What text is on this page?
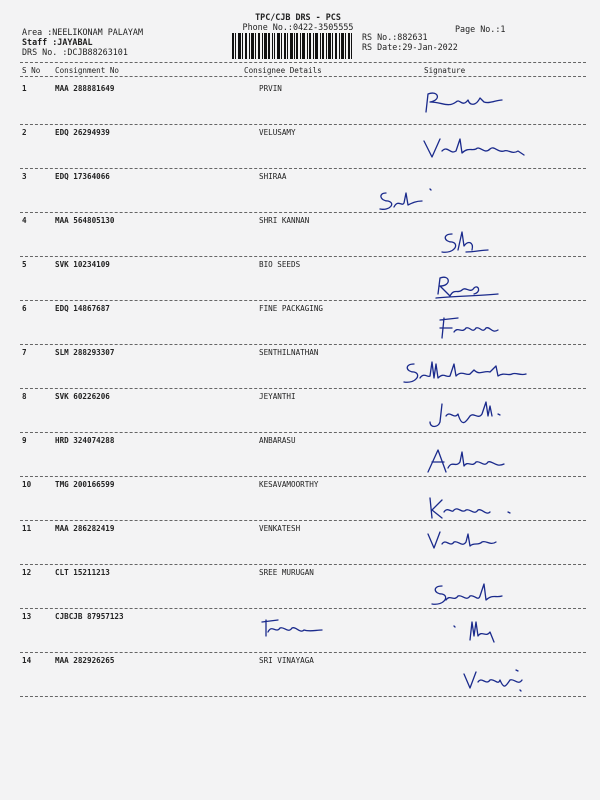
TPC/CJB DRS - PCS
Phone No.:0422-3505555
Area :NEELIKONAM PALAYAM
Staff :JAYABAL
DRS No. :DCJB88263101
Page No.:1
RS No.:882631
RS Date:29-Jan-2022
S No Consignment No	Consignee Details	Signature
1	MAA 288881649	PRVIN
2	EDQ 26294939	VELUSAMY
3	EDQ 17364066	SHIRAA
4	MAA 564805130	SHRI KANNAN
5	SVK 10234109	BIO SEEDS
6	EDQ 14867687	FINE PACKAGING
7	SLM 288293307	SENTHILNATHAN
8	SVK 60226206	JEYANTHI
9	HRD 324074288	ANBARASU
10	TMG 200166599	KESAVAMOORTHY
11	MAA 286282419	VENKATESH
12	CLT 15211213	SREE MURUGAN
13	CJBCJB 87957123
14	MAA 282926265	SRI VINAYAGA
